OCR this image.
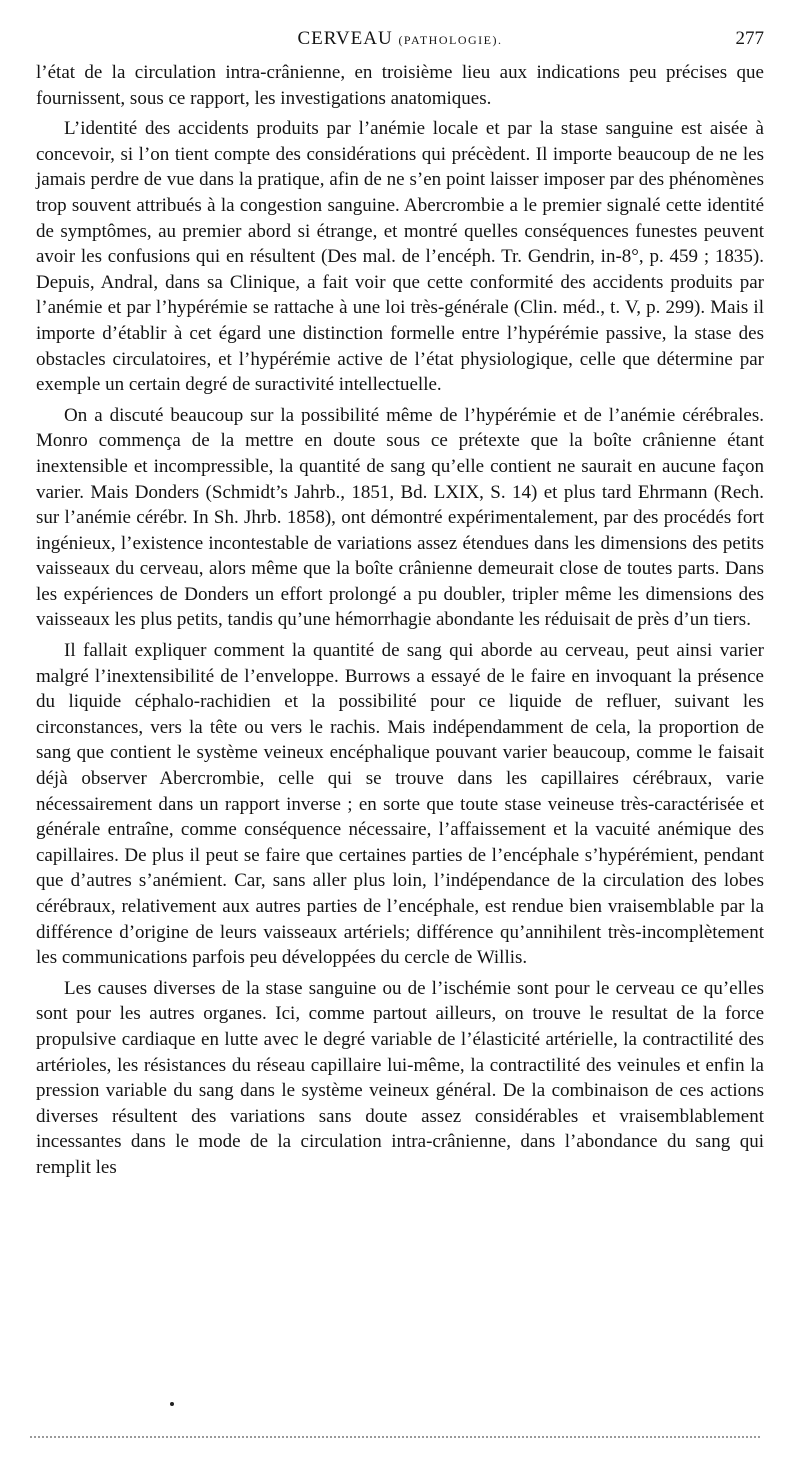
CERVEAU (PATHOLOGIE).	277

l’état de la circulation intra-crânienne, en troisième lieu aux indications peu précises que fournissent, sous ce rapport, les investigations anatomiques.

L’identité des accidents produits par l’anémie locale et par la stase sanguine est aisée à concevoir, si l’on tient compte des considérations qui précèdent. Il importe beaucoup de ne les jamais perdre de vue dans la pratique, afin de ne s’en point laisser imposer par des phénomènes trop souvent attribués à la congestion sanguine. Abercrombie a le premier signalé cette identité de symptômes, au premier abord si étrange, et montré quelles conséquences funestes peuvent avoir les confusions qui en résultent (Des mal. de l’encéph. Tr. Gendrin, in-8°, p. 459 ; 1835). Depuis, Andral, dans sa Clinique, a fait voir que cette conformité des accidents produits par l’anémie et par l’hypérémie se rattache à une loi très-générale (Clin. méd., t. V, p. 299). Mais il importe d’établir à cet égard une distinction formelle entre l’hypérémie passive, la stase des obstacles circulatoires, et l’hypérémie active de l’état physiologique, celle que détermine par exemple un certain degré de suractivité intellectuelle.

On a discuté beaucoup sur la possibilité même de l’hypérémie et de l’anémie cérébrales. Monro commença de la mettre en doute sous ce prétexte que la boîte crânienne étant inextensible et incompressible, la quantité de sang qu’elle contient ne saurait en aucune façon varier. Mais Donders (Schmidt’s Jahrb., 1851, Bd. LXIX, S. 14) et plus tard Ehrmann (Rech. sur l’anémie cérébr. In Sh. Jhrb. 1858), ont démontré expérimentalement, par des procédés fort ingénieux, l’existence incontestable de variations assez étendues dans les dimensions des petits vaisseaux du cerveau, alors même que la boîte crânienne demeurait close de toutes parts. Dans les expériences de Donders un effort prolongé a pu doubler, tripler même les dimensions des vaisseaux les plus petits, tandis qu’une hémorrhagie abondante les réduisait de près d’un tiers.

Il fallait expliquer comment la quantité de sang qui aborde au cerveau, peut ainsi varier malgré l’inextensibilité de l’enveloppe. Burrows a essayé de le faire en invoquant la présence du liquide céphalo-rachidien et la possibilité pour ce liquide de refluer, suivant les circonstances, vers la tête ou vers le rachis. Mais indépendamment de cela, la proportion de sang que contient le système veineux encéphalique pouvant varier beaucoup, comme le faisait déjà observer Abercrombie, celle qui se trouve dans les capillaires cérébraux, varie nécessairement dans un rapport inverse ; en sorte que toute stase veineuse très-caractérisée et générale entraîne, comme conséquence nécessaire, l’affaissement et la vacuité anémique des capillaires. De plus il peut se faire que certaines parties de l’encéphale s’hypérémient, pendant que d’autres s’anémient. Car, sans aller plus loin, l’indépendance de la circulation des lobes cérébraux, relativement aux autres parties de l’encéphale, est rendue bien vraisemblable par la différence d’origine de leurs vaisseaux artériels; différence qu’annihilent très-incomplètement les communications parfois peu développées du cercle de Willis.

Les causes diverses de la stase sanguine ou de l’ischémie sont pour le cerveau ce qu’elles sont pour les autres organes. Ici, comme partout ailleurs, on trouve le resultat de la force propulsive cardiaque en lutte avec le degré variable de l’élasticité artérielle, la contractilité des artérioles, les résistances du réseau capillaire lui-même, la contractilité des veinules et enfin la pression variable du sang dans le système veineux général. De la combinaison de ces actions diverses résultent des variations sans doute assez considérables et vraisemblablement incessantes dans le mode de la circulation intra-crânienne, dans l’abondance du sang qui remplit les
